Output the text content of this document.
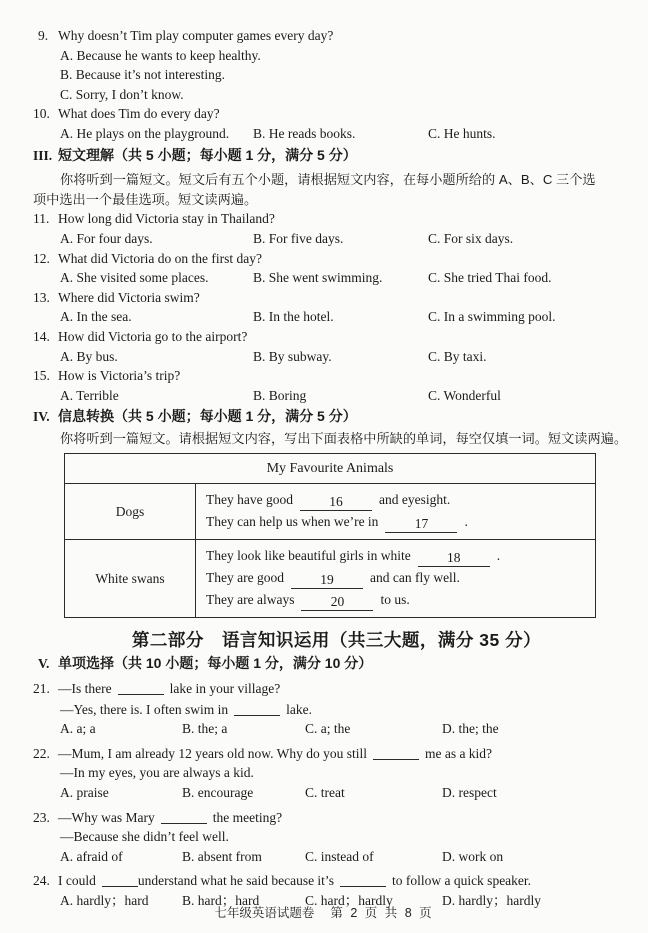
9. Why doesn’t Tim play computer games every day?
A. Because he wants to keep healthy.
B. Because it’s not interesting.
C. Sorry, I don’t know.
10. What does Tim do every day?
A. He plays on the playground.	B. He reads books.	C. He hunts.
III. 短文理解（共 5 小题；每小题 1 分，满分 5 分）
你将听到一篇短文。短文后有五个小题，请根据短文内容，在每小题所给的 A、B、C 三个选
项中选出一个最佳选项。短文读两遍。
11. How long did Victoria stay in Thailand?
A. For four days.	B. For five days.	C. For six days.
12. What did Victoria do on the first day?
A. She visited some places.	B. She went swimming.	C. She tried Thai food.
13. Where did Victoria swim?
A. In the sea.	B. In the hotel.	C. In a swimming pool.
14. How did Victoria go to the airport?
A. By bus.	B. By subway.	C. By taxi.
15. How is Victoria’s trip?
A. Terrible	B. Boring	C. Wonderful
IV. 信息转换（共 5 小题；每小题 1 分，满分 5 分）
你将听到一篇短文。请根据短文内容，写出下面表格中所缺的单词，每空仅填一词。短文读两遍。
My Favourite Animals	
Dogs	They have good 16 and eyesight.
They can help us when we’re in 17 .

White swans	They look like beautiful girls in white 18 .
They are good 19 and can fly well.
They are always 20 to us.
第二部分　语言知识运用（共三大题，满分 35 分）
V. 单项选择（共 10 小题；每小题 1 分，满分 10 分）
21. —Is there	lake in your village?
—Yes, there is. I often swim in	lake.
A. a; a	B. the; a	C. a; the	D. the; the
22. —Mum, I am already 12 years old now. Why do you still	me as a kid?
—In my eyes, you are always a kid.
A. praise	B. encourage	C. treat	D. respect
23. —Why was Mary	the meeting?
—Because she didn’t feel well.
A. afraid of	B. absent from	C. instead of	D. work on
24. I could	understand what he said because it’s	to follow a quick speaker.
A. hardly；hard	B. hard；hard	C. hard；hardly	D. hardly；hardly
七年级英语试题卷 第 2 页 共 8 页
